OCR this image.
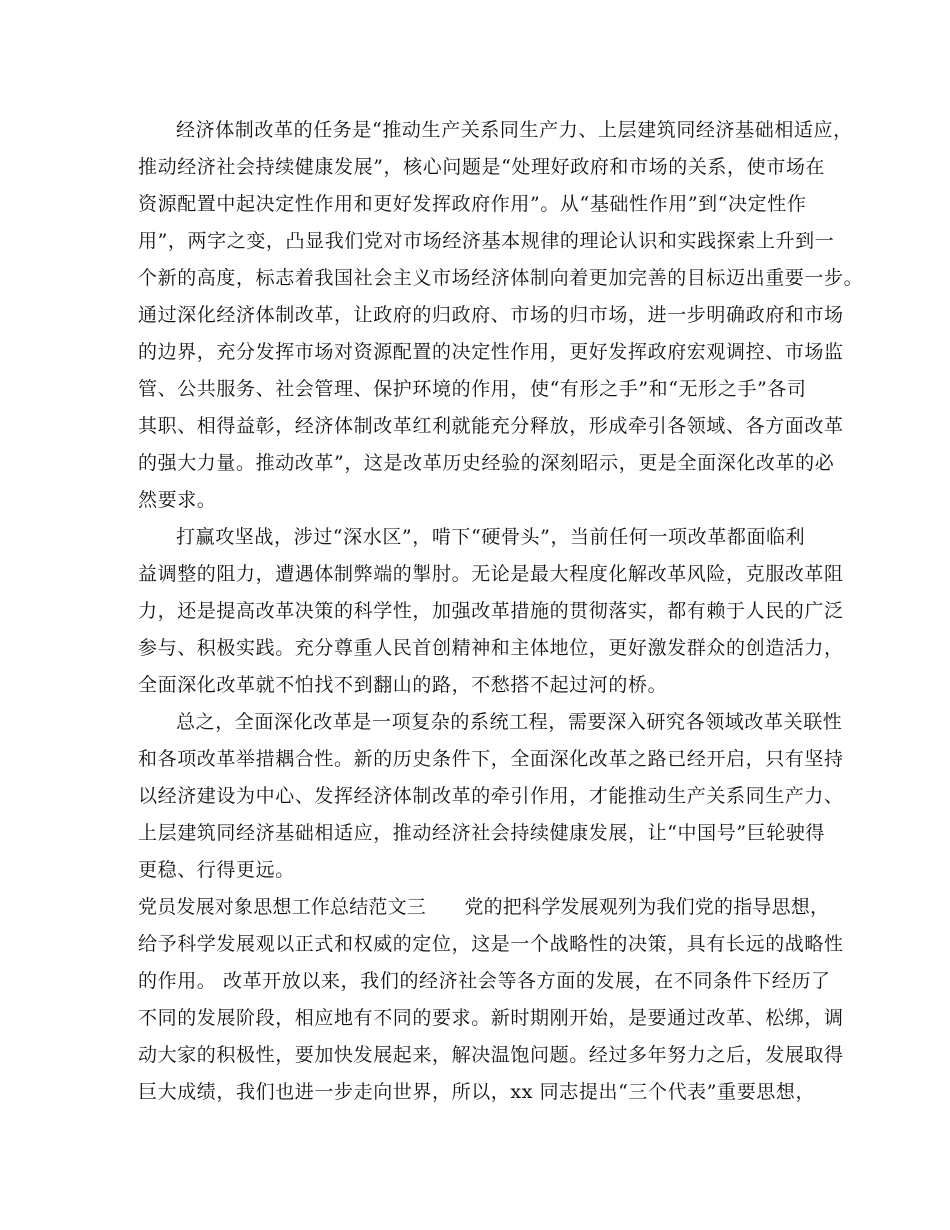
经济体制改革的任务是“推动生产关系同生产力、上层建筑同经济基础相适应，
推动经济社会持续健康发展”，核心问题是“处理好政府和市场的关系，使市场在
资源配置中起决定性作用和更好发挥政府作用”。从“基础性作用”到“决定性作
用”，两字之变，凸显我们党对市场经济基本规律的理论认识和实践探索上升到一
个新的高度，标志着我国社会主义市场经济体制向着更加完善的目标迈出重要一步。
通过深化经济体制改革，让政府的归政府、市场的归市场，进一步明确政府和市场
的边界，充分发挥市场对资源配置的决定性作用，更好发挥政府宏观调控、市场监
管、公共服务、社会管理、保护环境的作用，使“有形之手”和“无形之手”各司
其职、相得益彰，经济体制改革红利就能充分释放，形成牵引各领域、各方面改革
的强大力量。推动改革”，这是改革历史经验的深刻昭示，更是全面深化改革的必
然要求。
打赢攻坚战，涉过“深水区”，啃下“硬骨头”，当前任何一项改革都面临利
益调整的阻力，遭遇体制弊端的掣肘。无论是最大程度化解改革风险，克服改革阻
力，还是提高改革决策的科学性，加强改革措施的贯彻落实，都有赖于人民的广泛
参与、积极实践。充分尊重人民首创精神和主体地位，更好激发群众的创造活力，
全面深化改革就不怕找不到翻山的路，不愁搭不起过河的桥。
总之，全面深化改革是一项复杂的系统工程，需要深入研究各领域改革关联性
和各项改革举措耦合性。新的历史条件下，全面深化改革之路已经开启，只有坚持
以经济建设为中心、发挥经济体制改革的牵引作用，才能推动生产关系同生产力、
上层建筑同经济基础相适应，推动经济社会持续健康发展，让“中国号”巨轮驶得
更稳、行得更远。
党员发展对象思想工作总结范文三　　党的把科学发展观列为我们党的指导思想，
给予科学发展观以正式和权威的定位，这是一个战略性的决策，具有长远的战略性
的作用。 改革开放以来，我们的经济社会等各方面的发展，在不同条件下经历了
不同的发展阶段，相应地有不同的要求。新时期刚开始，是要通过改革、松绑，调
动大家的积极性，要加快发展起来，解决温饱问题。经过多年努力之后，发展取得
巨大成绩，我们也进一步走向世界，所以，xx 同志提出“三个代表”重要思想，
